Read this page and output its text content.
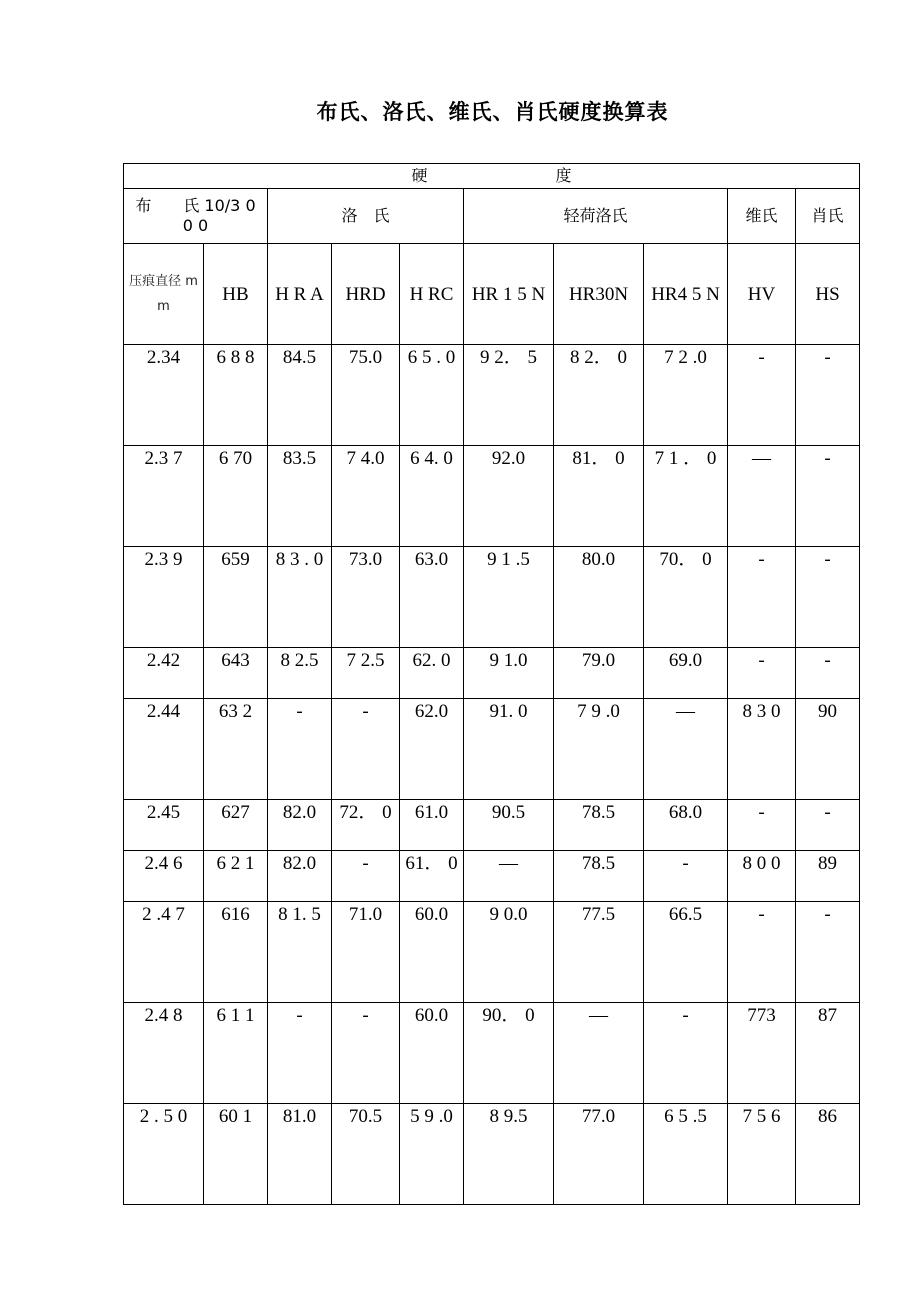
布氏、洛氏、维氏、肖氏硬度换算表
硬　　　　　　　　度									
布　　氏 10/3 0 0 0		洛　氏			轻荷洛氏			维氏	肖氏
压痕直径 mm	HB	H R A	HRD	H RC	HR 1 5 N	HR30N	HR4 5 N	HV	HS

2.34	6 8 8	84.5	75.0	6 5 . 0	9 2． 5	8 2． 0	7 2 .0	-	-

2.3 7	6 70	83.5	7 4.0	6 4. 0	92.0	81． 0	7 1 ． 0	—	-

2.3 9	659	8 3 . 0	73.0	63.0	9 1 .5	80.0	70． 0	-	-

2.42	643	8 2.5	7 2.5	62. 0	9 1.0	79.0	69.0	-	-

2.44	63 2	-	-	62.0	91. 0	7 9 .0	—	8 3 0	90

2.45	627	82.0	72． 0	61.0	90.5	78.5	68.0	-	-

2.4 6	6 2 1	82.0	-	61． 0	—	78.5	-	8 0 0	89

2 .4 7	616	8 1. 5	71.0	60.0	9 0.0	77.5	66.5	-	-

2.4 8	6 1 1	-	-	60.0	90． 0	—	-	773	87

2 . 5 0	60 1	81.0	70.5	5 9 .0	8 9.5	77.0	6 5 .5	7 5 6	86
